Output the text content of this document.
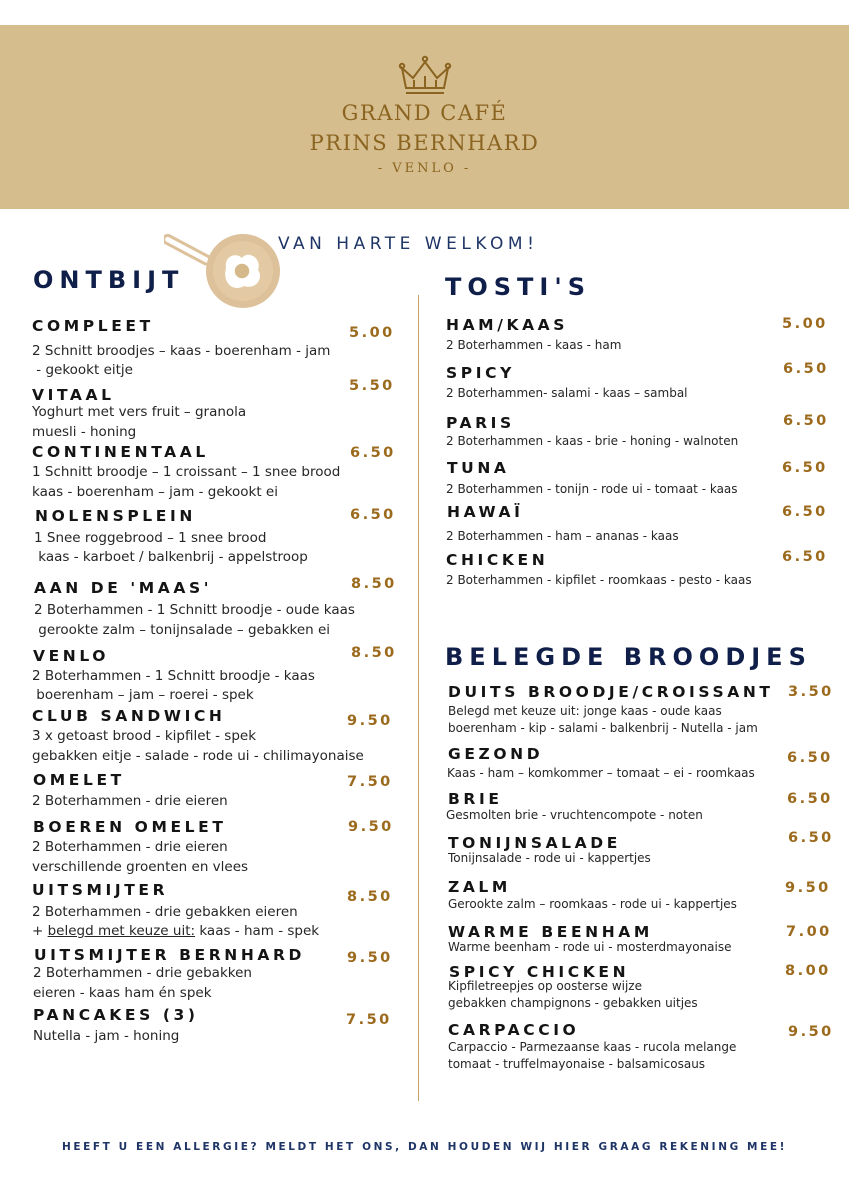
GRAND CAFÉ
PRINS BERNHARD
- VENLO -
VAN HARTE WELKOM!
ONTBIJT	TOSTI'S
BELEGDE BROODJES
COMPLEET	5.00
2 Schnitt broodjes – kaas - boerenham - jam
- gekookt eitje
VITAAL	5.50
Yoghurt met vers fruit – granola
muesli - honing
CONTINENTAAL	6.50
1 Schnitt broodje – 1 croissant – 1 snee brood
kaas - boerenham – jam - gekookt ei
NOLENSPLEIN	6.50
1 Snee roggebrood – 1 snee brood
kaas - karboet / balkenbrij - appelstroop
AAN DE 'MAAS'	8.50
2 Boterhammen - 1 Schnitt broodje - oude kaas
gerookte zalm – tonijnsalade – gebakken ei
VENLO	8.50
2 Boterhammen - 1 Schnitt broodje - kaas
boerenham – jam – roerei - spek
CLUB SANDWICH	9.50
3 x getoast brood - kipfilet - spek
gebakken eitje - salade - rode ui - chilimayonaise
OMELET	7.50
2 Boterhammen - drie eieren
BOEREN OMELET	9.50
2 Boterhammen - drie eieren
verschillende groenten en vlees
UITSMIJTER	8.50
2 Boterhammen - drie gebakken eieren
+ belegd met keuze uit: kaas - ham - spek
UITSMIJTER BERNHARD	9.50
2 Boterhammen - drie gebakken
eieren - kaas ham én spek
PANCAKES (3)	7.50
Nutella - jam - honing
HAM/KAAS	5.00
2 Boterhammen - kaas - ham
SPICY	6.50
2 Boterhammen- salami - kaas – sambal
PARIS	6.50
2 Boterhammen - kaas - brie - honing - walnoten
TUNA	6.50
2 Boterhammen - tonijn - rode ui - tomaat - kaas
HAWAÏ	6.50
2 Boterhammen - ham – ananas - kaas
CHICKEN	6.50
2 Boterhammen - kipfilet - roomkaas - pesto - kaas
DUITS BROODJE/CROISSANT 3.50
Belegd met keuze uit: jonge kaas - oude kaas
boerenham - kip - salami - balkenbrij - Nutella - jam
GEZOND	6.50
Kaas - ham – komkommer – tomaat – ei - roomkaas
BRIE	6.50
Gesmolten brie - vruchtencompote - noten
TONIJNSALADE	6.50
Tonijnsalade - rode ui - kappertjes
ZALM	9.50
Gerookte zalm – roomkaas - rode ui - kappertjes
WARME BEENHAM	7.00
Warme beenham - rode ui - mosterdmayonaise
SPICY CHICKEN	8.00
Kipfiletreepjes op oosterse wijze
gebakken champignons - gebakken uitjes
CARPACCIO	9.50
Carpaccio - Parmezaanse kaas - rucola melange
tomaat - truffelmayonaise - balsamicosaus
HEEFT U EEN ALLERGIE? MELDT HET ONS, DAN HOUDEN WIJ HIER GRAAG REKENING MEE!
